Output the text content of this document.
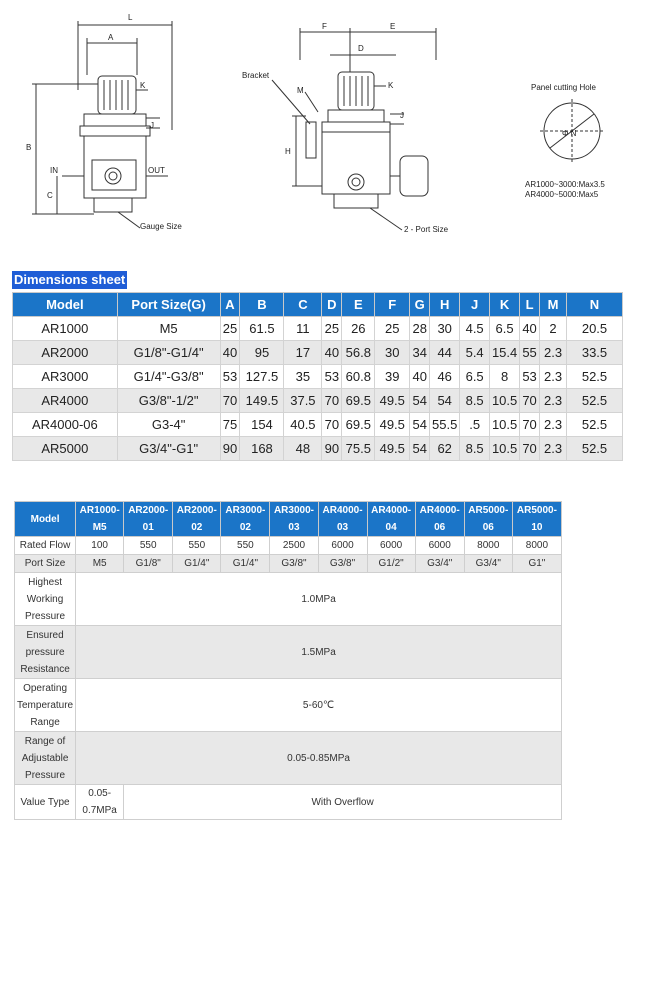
L
A
K
J
B
C
IN	OUT
Gauge Size
F	E
D
Bracket
M
K
J
H
2 - Port Size
Panel cutting Hole
Φ N
AR1000~3000:Max3.5
AR4000~5000:Max5
Dimensions sheet
Model	Port Size(G)	A	B	C	D	E	F	G	H	J	K	L	M	N
AR1000	M5	25	61.5	11	25	26	25	28	30	4.5	6.5	40	2	20.5
AR2000	G1/8"-G1/4"	40	95	17	40	56.8	30	34	44	5.4	15.4	55	2.3	33.5
AR3000	G1/4"-G3/8"	53	127.5	35	53	60.8	39	40	46	6.5	8	53	2.3	52.5
AR4000	G3/8"-1/2"	70	149.5	37.5	70	69.5	49.5	54	54	8.5	10.5	70	2.3	52.5
AR4000-06	G3-4"	75	154	40.5	70	69.5	49.5	54	55.5	.5	10.5	70	2.3	52.5
AR5000	G3/4"-G1"	90	168	48	90	75.5	49.5	54	62	8.5	10.5	70	2.3	52.5
Model	AR1000-M5	AR2000-01	AR2000-02	AR3000-02	AR3000-03	AR4000-03	AR4000-04	AR4000-06	AR5000-06	AR5000-10
Rated Flow	100	550	550	550	2500	6000	6000	6000	8000	8000
Port Size	M5	G1/8"	G1/4"	G1/4"	G3/8"	G3/8"	G1/2"	G3/4"	G3/4"	G1"
Highest Working Pressure	1.0MPa									
Ensured pressure Resistance	1.5MPa									
Operating Temperature Range	5-60℃									
Range of Adjustable Pressure	0.05-0.85MPa									
Value Type	0.05-0.7MPa	With Overflow								
